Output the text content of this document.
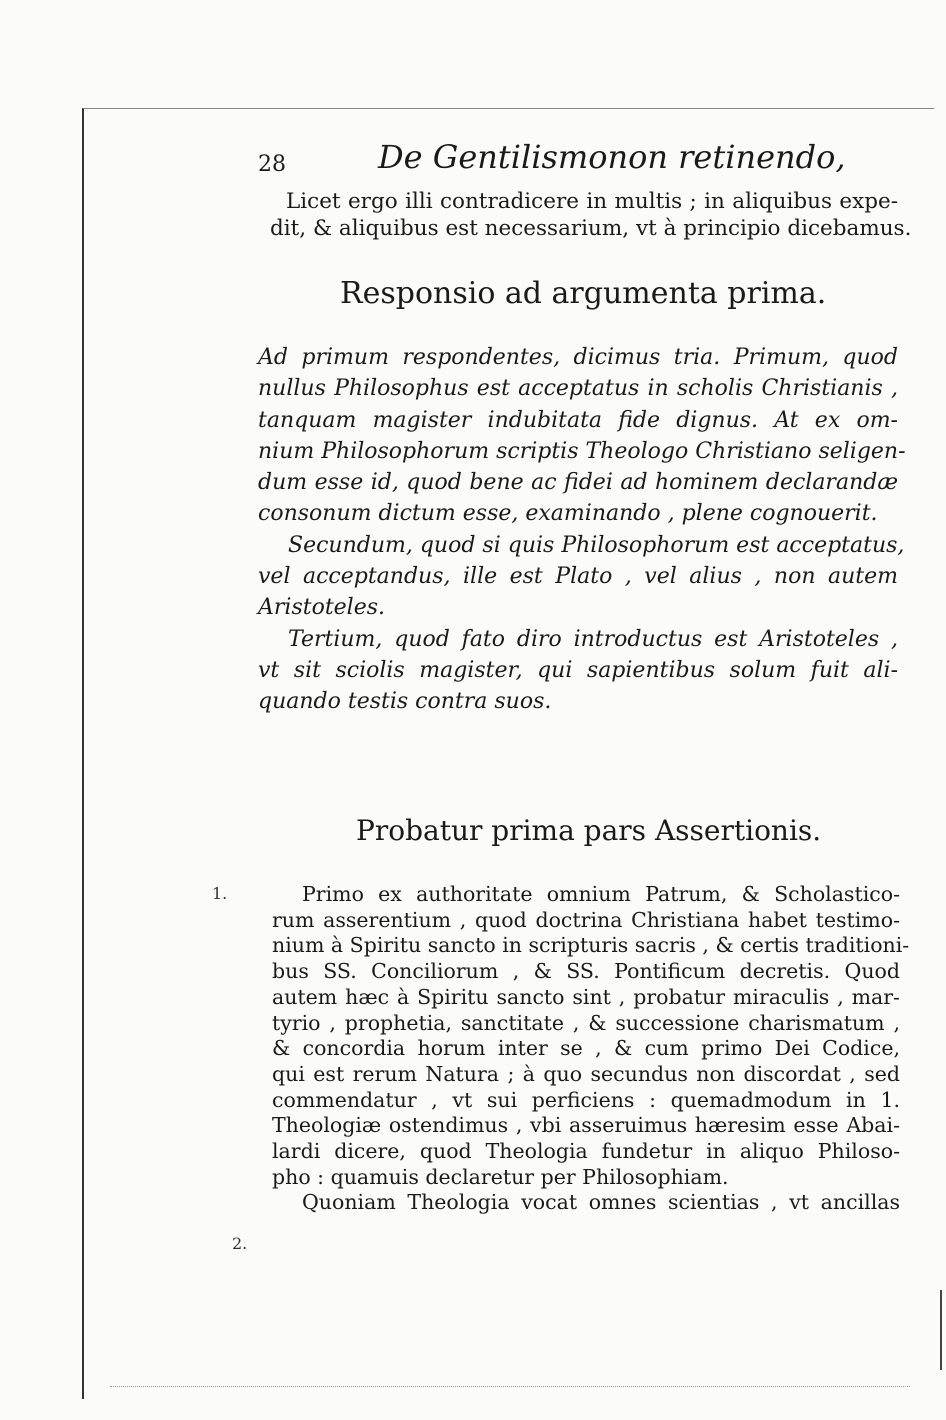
28	De Gentilismonon retinendo,
Licet ergo illi contradicere in multis ; in aliquibus expe-
dit, & aliquibus est necessarium, vt à principio dicebamus.
Responsio ad argumenta prima.
Ad primum respondentes, dicimus tria. Primum, quod
nullus Philosophus est acceptatus in scholis Christianis ,
tanquam magister indubitata fide dignus. At ex om-
nium Philosophorum scriptis Theologo Christiano seligen-
dum esse id, quod bene ac fidei ad hominem declarandæ
consonum dictum esse, examinando , plene cognouerit.
Secundum, quod si quis Philosophorum est acceptatus,
vel acceptandus, ille est Plato , vel alius , non autem
Aristoteles.
Tertium, quod fato diro introductus est Aristoteles ,
vt sit sciolis magister, qui sapientibus solum fuit ali-
quando testis contra suos.
Probatur prima pars Assertionis.
1.
2.
Primo ex authoritate omnium Patrum, & Scholastico-
rum asserentium , quod doctrina Christiana habet testimo-
nium à Spiritu sancto in scripturis sacris , & certis traditioni-
bus SS. Conciliorum , & SS. Pontificum decretis. Quod
autem hæc à Spiritu sancto sint , probatur miraculis , mar-
tyrio , prophetia, sanctitate , & successione charismatum ,
& concordia horum inter se , & cum primo Dei Codice,
qui est rerum Natura ; à quo secundus non discordat , sed
commendatur , vt sui perficiens : quemadmodum in 1.
Theologiæ ostendimus , vbi asseruimus hæresim esse Abai-
lardi dicere, quod Theologia fundetur in aliquo Philoso-
pho : quamuis declaretur per Philosophiam.
Quoniam Theologia vocat omnes scientias , vt ancillas
